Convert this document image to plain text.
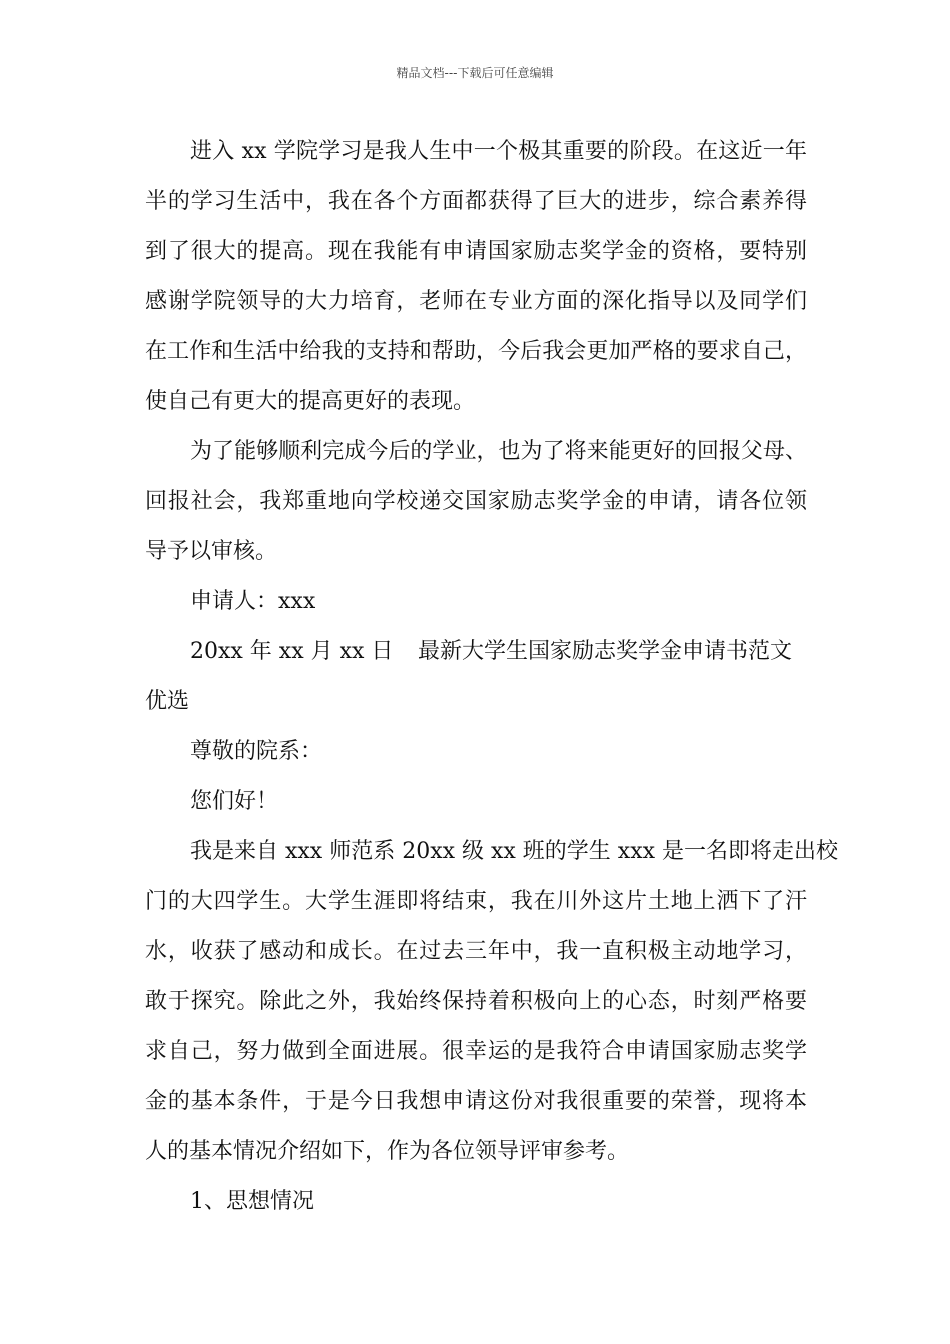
精品文档---下载后可任意编辑
进入 xx 学院学习是我人生中一个极其重要的阶段。在这近一年
半的学习生活中，我在各个方面都获得了巨大的进步，综合素养得
到了很大的提高。现在我能有申请国家励志奖学金的资格，要特别
感谢学院领导的大力培育，老师在专业方面的深化指导以及同学们
在工作和生活中给我的支持和帮助，今后我会更加严格的要求自己，
使自己有更大的提高更好的表现。
为了能够顺利完成今后的学业，也为了将来能更好的回报父母、
回报社会，我郑重地向学校递交国家励志奖学金的申请，请各位领
导予以审核。
申请人：xxx
20xx 年 xx 月 xx 日	最新大学生国家励志奖学金申请书范文
优选
尊敬的院系：
您们好！
我是来自 xxx 师范系 20xx 级 xx 班的学生 xxx 是一名即将走出校
门的大四学生。大学生涯即将结束，我在川外这片土地上洒下了汗
水，收获了感动和成长。在过去三年中，我一直积极主动地学习，
敢于探究。除此之外，我始终保持着积极向上的心态，时刻严格要
求自己，努力做到全面进展。很幸运的是我符合申请国家励志奖学
金的基本条件，于是今日我想申请这份对我很重要的荣誉，现将本
人的基本情况介绍如下，作为各位领导评审参考。
1、思想情况
